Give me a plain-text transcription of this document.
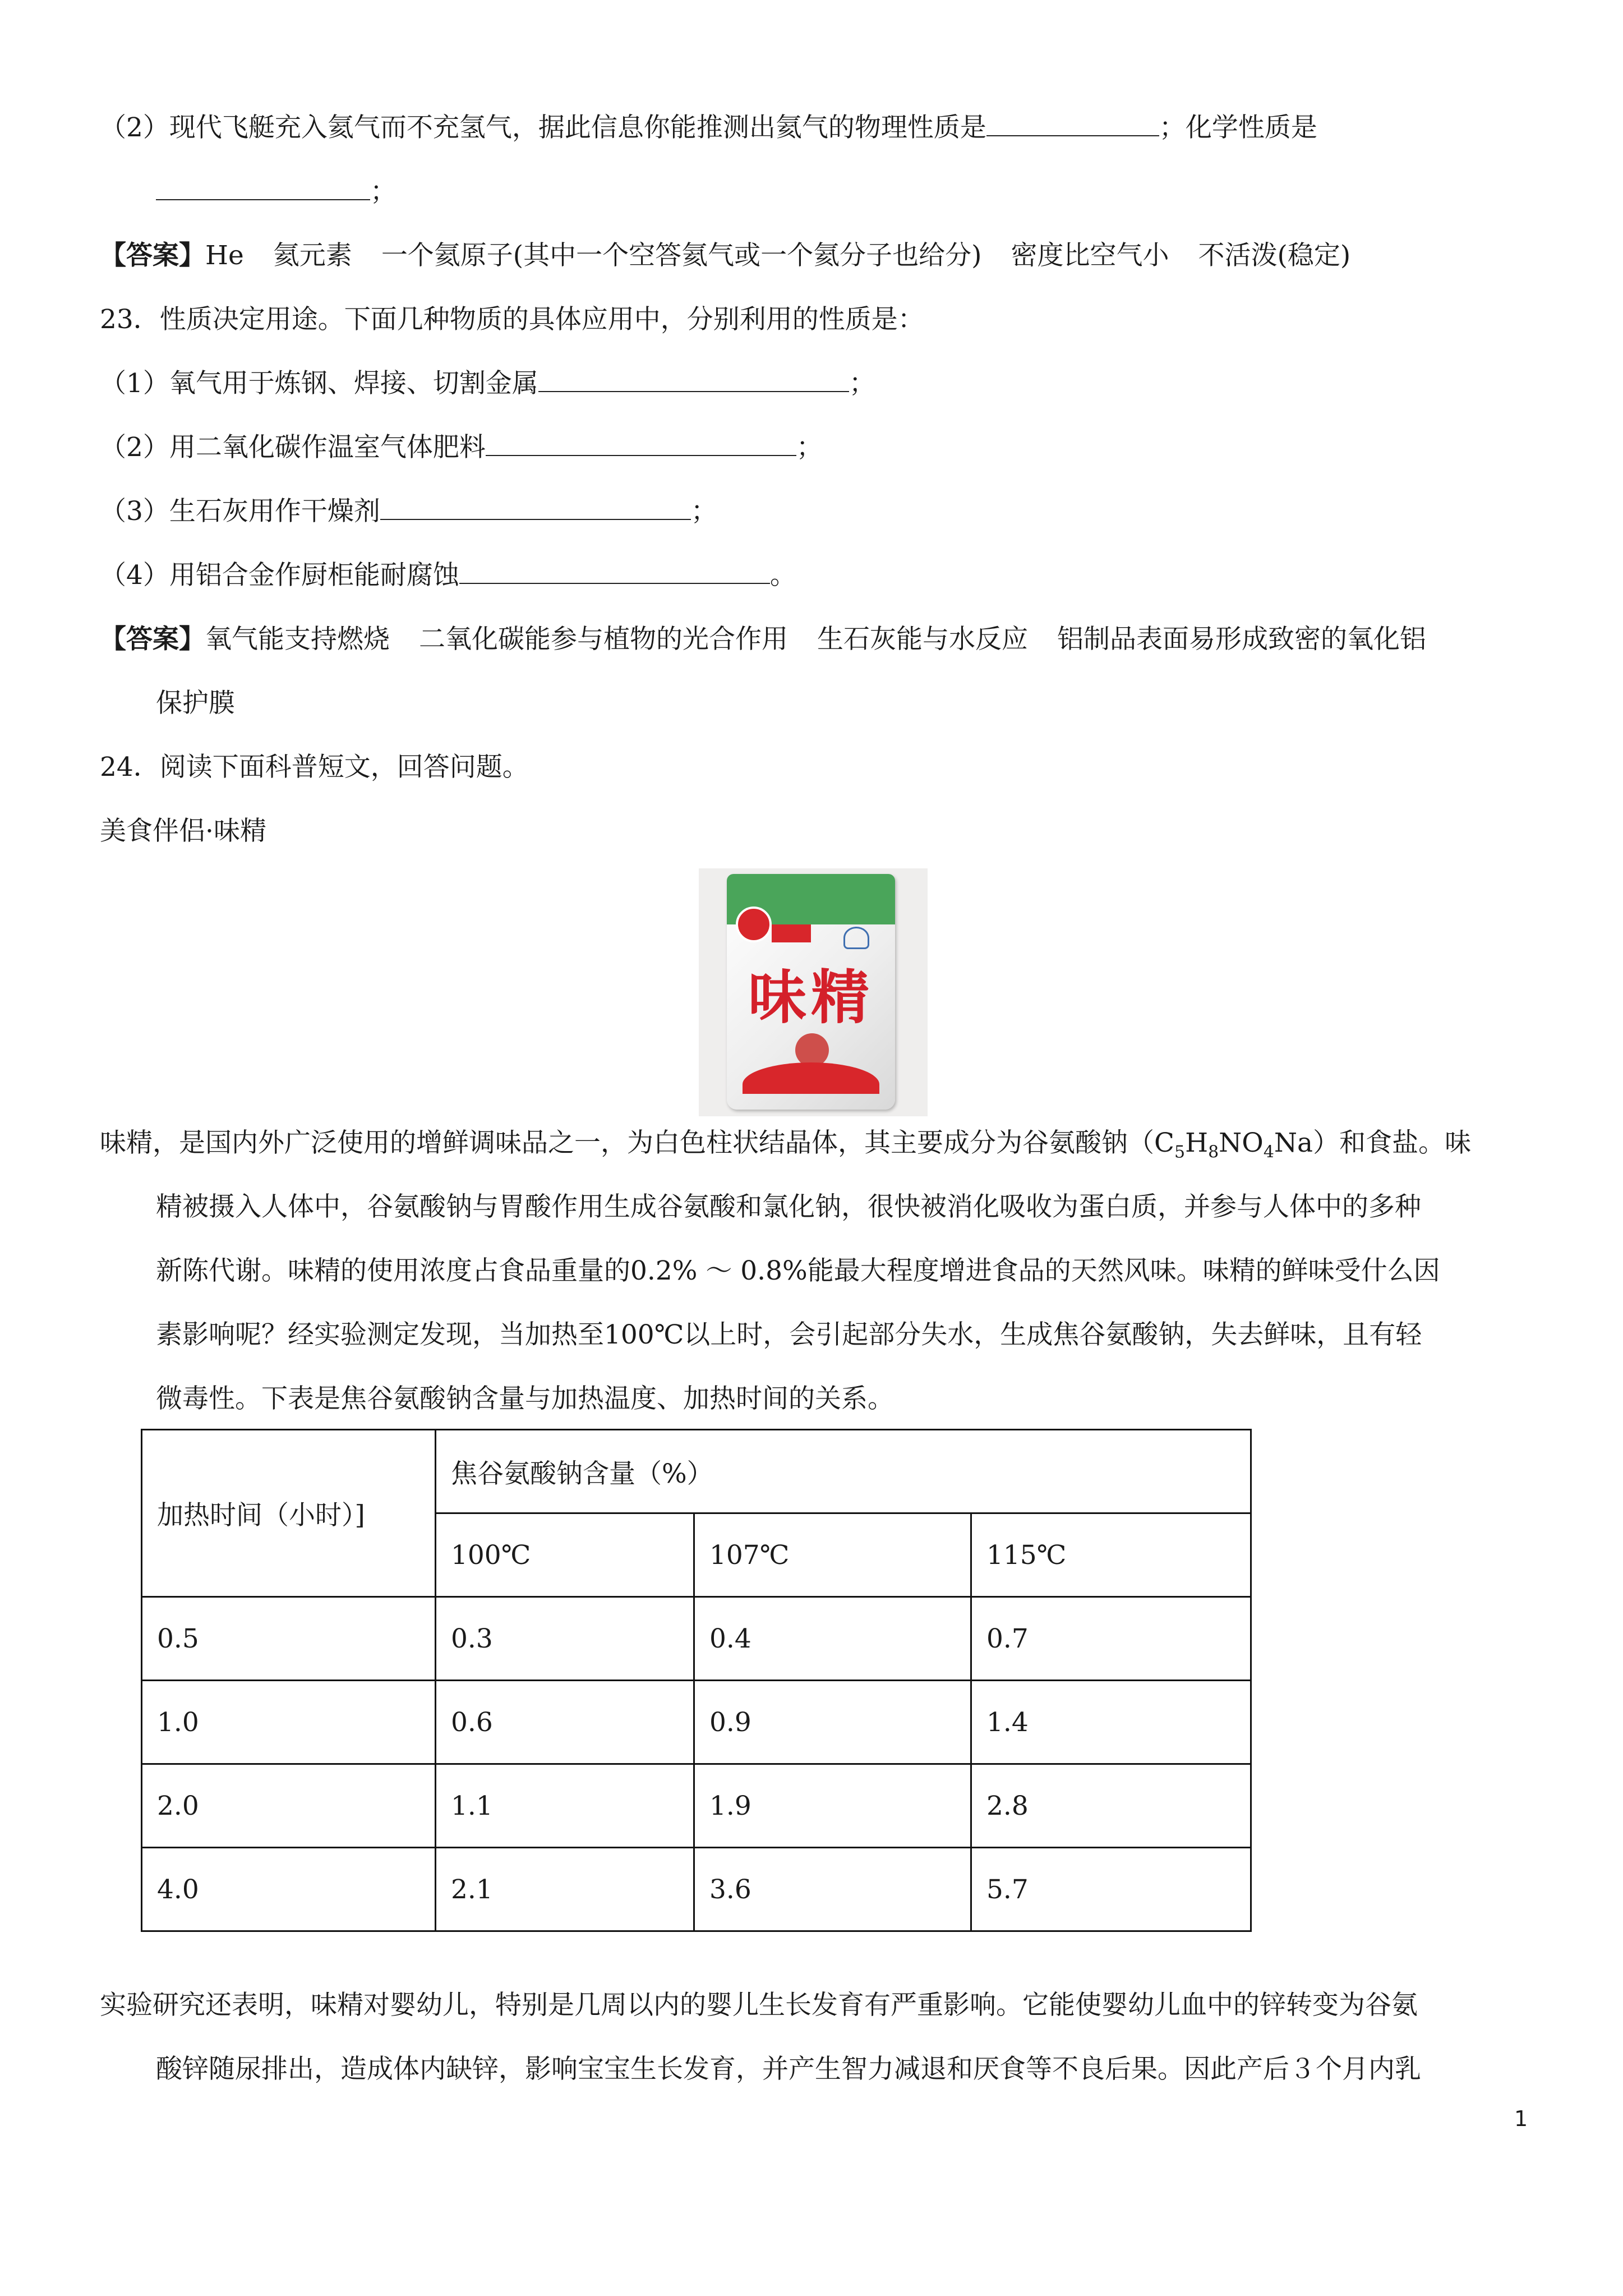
（2）现代飞艇充入氦气而不充氢气，据此信息你能推测出氦气的物理性质是	；化学性质是
；
【答案】He 氦元素 一个氦原子(其中一个空答氦气或一个氦分子也给分) 密度比空气小 不活泼(稳定)
23．性质决定用途。下面几种物质的具体应用中，分别利用的性质是：
（1）氧气用于炼钢、焊接、切割金属	；
（2）用二氧化碳作温室气体肥料	；
（3）生石灰用作干燥剂	；
（4）用铝合金作厨柜能耐腐蚀	。
【答案】氧气能支持燃烧 二氧化碳能参与植物的光合作用 生石灰能与水反应 铝制品表面易形成致密的氧化铝
保护膜
24．阅读下面科普短文，回答问题。
美食伴侣·味精
味精
味精，是国内外广泛使用的增鲜调味品之一，为白色柱状结晶体，其主要成分为谷氨酸钠$(C_5H_8NO_4Na)$和食盐。味
精被摄入人体中，谷氨酸钠与胃酸作用生成谷氨酸和氯化钠，很快被消化吸收为蛋白质，并参与人体中的多种
新陈代谢。味精的使用浓度占食品重量的0.2% ～ 0.8%能最大程度增进食品的天然风味。味精的鲜味受什么因
素影响呢？经实验测定发现，当加热至100℃以上时，会引起部分失水，生成焦谷氨酸钠，失去鲜味，且有轻
微毒性。下表是焦谷氨酸钠含量与加热温度、加热时间的关系。
加热时间（小时）]	焦谷氨酸钠含量（%）		
	100℃	107℃	115℃
0.5	0.3	0.4	0.7
1.0	0.6	0.9	1.4
2.0	1.1	1.9	2.8
4.0	2.1	3.6	5.7
实验研究还表明，味精对婴幼儿，特别是几周以内的婴儿生长发育有严重影响。它能使婴幼儿血中的锌转变为谷氨
酸锌随尿排出，造成体内缺锌，影响宝宝生长发育，并产生智力减退和厌食等不良后果。因此产后３个月内乳
1
